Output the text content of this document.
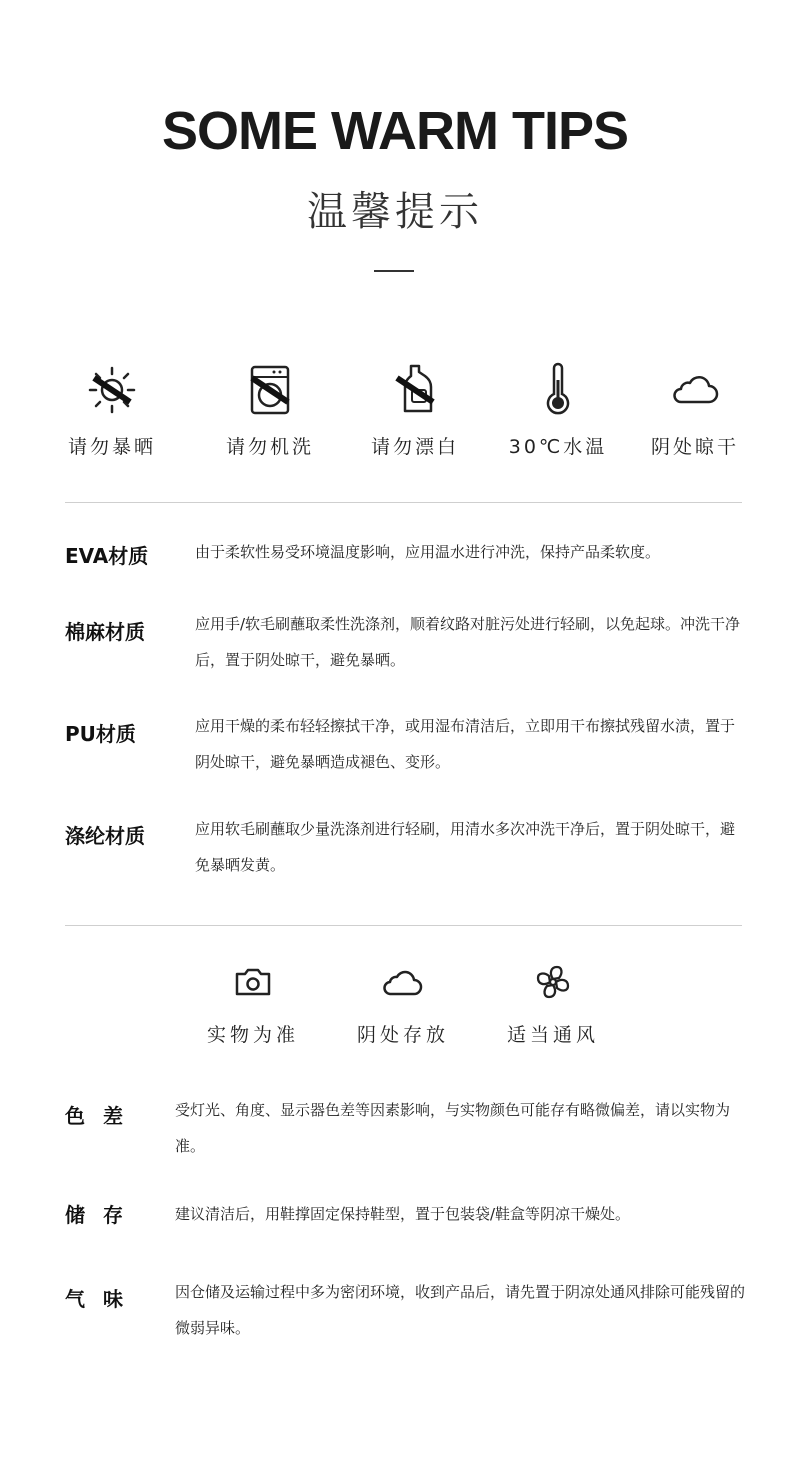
SOME WARM TIPS
温馨提示
请勿暴晒	请勿机洗	请勿漂白	30℃水温	阴处晾干
EVA材质	由于柔软性易受环境温度影响，应用温水进行冲洗，保持产品柔软度。
棉麻材质	应用手/软毛刷蘸取柔性洗涤剂，顺着纹路对脏污处进行轻刷，以免起球。冲洗干净后，置于阴处晾干，避免暴晒。
PU材质	应用干燥的柔布轻轻擦拭干净，或用湿布清洁后，立即用干布擦拭残留水渍，置于阴处晾干，避免暴晒造成褪色、变形。
涤纶材质	应用软毛刷蘸取少量洗涤剂进行轻刷，用清水多次冲洗干净后，置于阴处晾干，避免暴晒发黄。
实物为准	阴处存放	适当通风
色差	受灯光、角度、显示器色差等因素影响，与实物颜色可能存有略微偏差，请以实物为准。
储存	建议清洁后，用鞋撑固定保持鞋型，置于包装袋/鞋盒等阴凉干燥处。
气味	因仓储及运输过程中多为密闭环境，收到产品后，请先置于阴凉处通风排除可能残留的微弱异味。
